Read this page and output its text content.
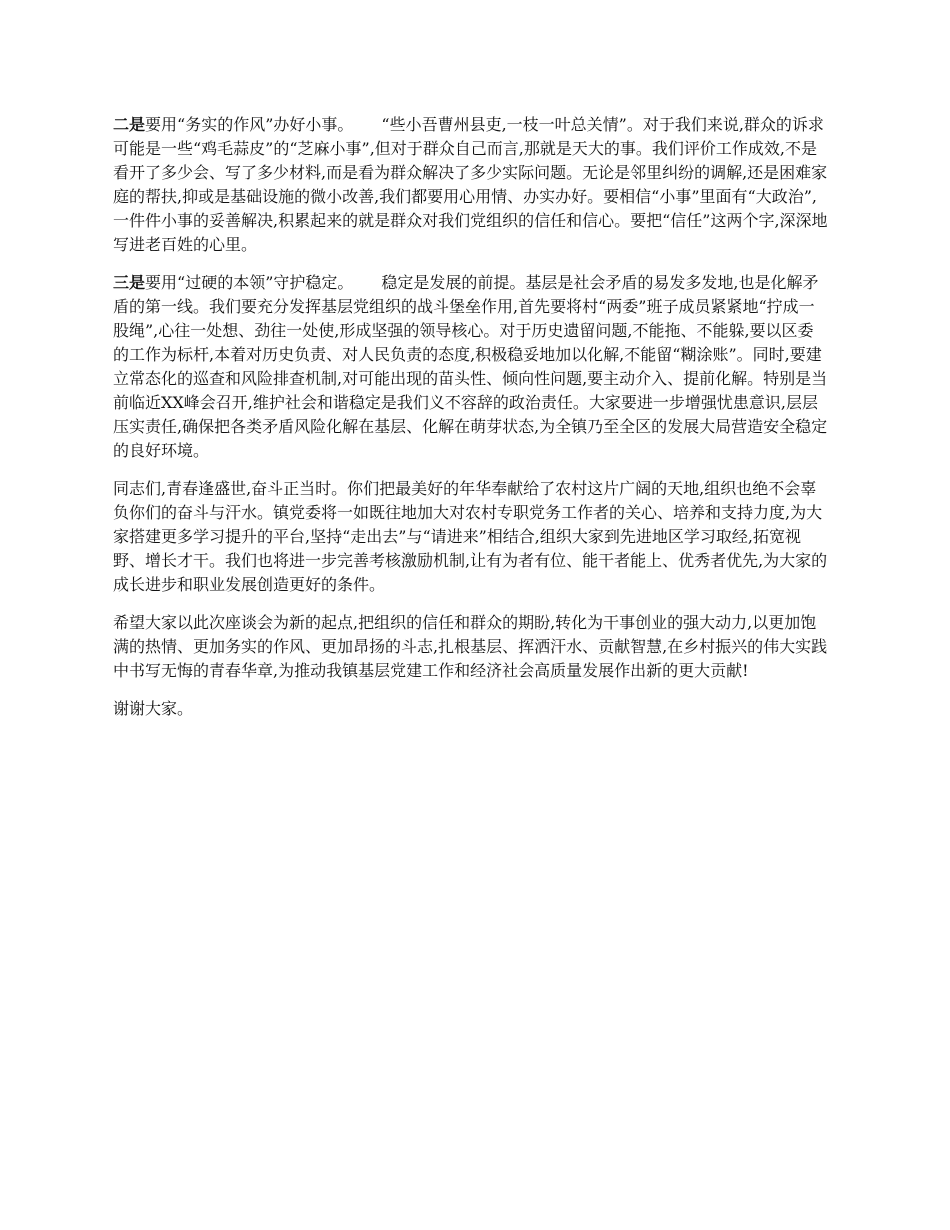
二是要用“务实的作风”办好小事。 “些小吾曹州县吏,一枝一叶总关情”。对于我们来说,群众的诉求可能是一些“鸡毛蒜皮”的“芝麻小事”,但对于群众自己而言,那就是天大的事。我们评价工作成效,不是看开了多少会、写了多少材料,而是看为群众解决了多少实际问题。无论是邻里纠纷的调解,还是困难家庭的帮扶,抑或是基础设施的微小改善,我们都要用心用情、办实办好。要相信“小事”里面有“大政治”,一件件小事的妥善解决,积累起来的就是群众对我们党组织的信任和信心。要把“信任”这两个字,深深地写进老百姓的心里。

三是要用“过硬的本领”守护稳定。 稳定是发展的前提。基层是社会矛盾的易发多发地,也是化解矛盾的第一线。我们要充分发挥基层党组织的战斗堡垒作用,首先要将村“两委”班子成员紧紧地“拧成一股绳”,心往一处想、劲往一处使,形成坚强的领导核心。对于历史遗留问题,不能拖、不能躲,要以区委的工作为标杆,本着对历史负责、对人民负责的态度,积极稳妥地加以化解,不能留“糊涂账”。同时,要建立常态化的巡查和风险排查机制,对可能出现的苗头性、倾向性问题,要主动介入、提前化解。特别是当前临近XX峰会召开,维护社会和谐稳定是我们义不容辞的政治责任。大家要进一步增强忧患意识,层层压实责任,确保把各类矛盾风险化解在基层、化解在萌芽状态,为全镇乃至全区的发展大局营造安全稳定的良好环境。

同志们,青春逢盛世,奋斗正当时。你们把最美好的年华奉献给了农村这片广阔的天地,组织也绝不会辜负你们的奋斗与汗水。镇党委将一如既往地加大对农村专职党务工作者的关心、培养和支持力度,为大家搭建更多学习提升的平台,坚持“走出去”与“请进来”相结合,组织大家到先进地区学习取经,拓宽视野、增长才干。我们也将进一步完善考核激励机制,让有为者有位、能干者能上、优秀者优先,为大家的成长进步和职业发展创造更好的条件。

希望大家以此次座谈会为新的起点,把组织的信任和群众的期盼,转化为干事创业的强大动力,以更加饱满的热情、更加务实的作风、更加昂扬的斗志,扎根基层、挥洒汗水、贡献智慧,在乡村振兴的伟大实践中书写无悔的青春华章,为推动我镇基层党建工作和经济社会高质量发展作出新的更大贡献!

谢谢大家。
